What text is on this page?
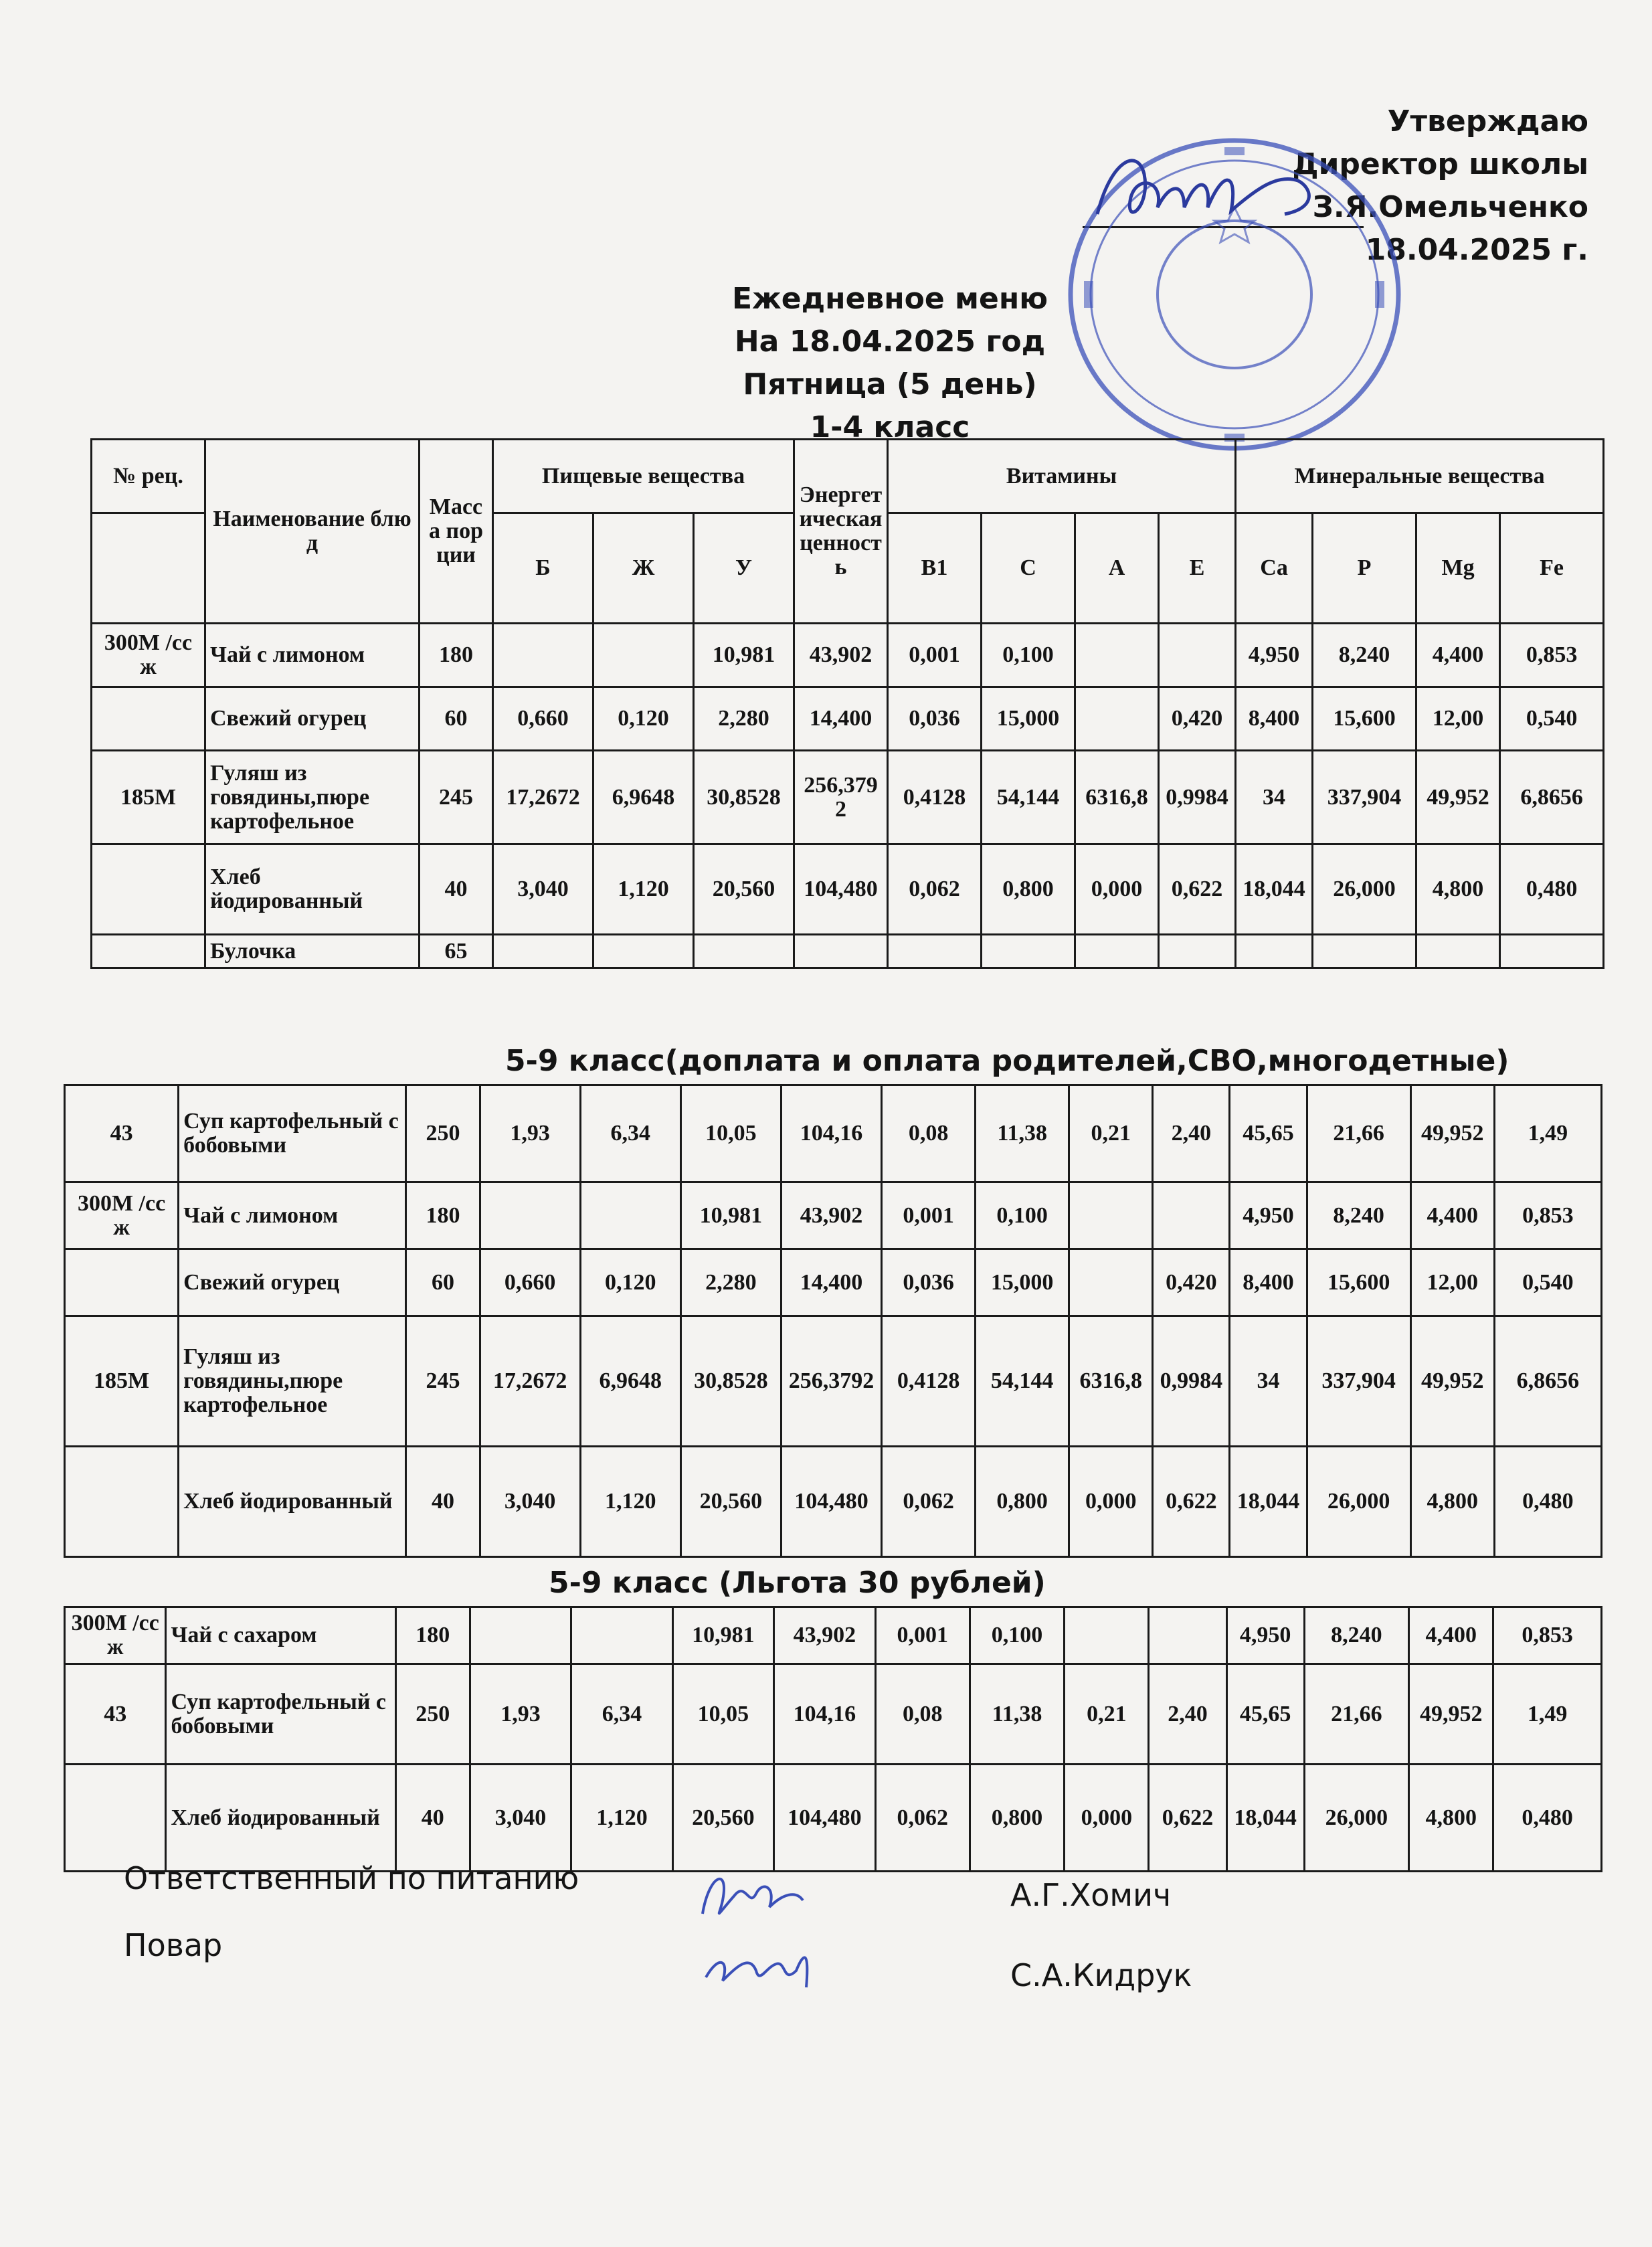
Утверждаю
Директор школы
З.Я.Омельченко
18.04.2025 г.
Ежедневное меню
На 18.04.2025 год
Пятница (5 день)
1-4 класс
№ рец.	Наименование блюд	Масса порции	Пищевые вещества			Энергетическая ценность	Витамины				Минеральные вещества			
			Б	Ж	У		B1	C	A	E	Ca	P	Mg	Fe
300М /ссж	Чай с лимоном	180			10,981	43,902	0,001	0,100			4,950	8,240	4,400	0,853
	Свежий огурец	60	0,660	0,120	2,280	14,400	0,036	15,000		0,420	8,400	15,600	12,00	0,540
185М	Гуляш из говядины,пюре картофельное	245	17,2672	6,9648	30,8528	256,3792	0,4128	54,144	6316,8	0,9984	34	337,904	49,952	6,8656
	Хлеб йодированный	40	3,040	1,120	20,560	104,480	0,062	0,800	0,000	0,622	18,044	26,000	4,800	0,480
	Булочка	65												
5-9 класс(доплата и оплата родителей,СВО,многодетные)
43	Суп картофельный с бобовыми	250	1,93	6,34	10,05	104,16	0,08	11,38	0,21	2,40	45,65	21,66	49,952	1,49
300М /ссж	Чай с лимоном	180			10,981	43,902	0,001	0,100			4,950	8,240	4,400	0,853
	Свежий огурец	60	0,660	0,120	2,280	14,400	0,036	15,000		0,420	8,400	15,600	12,00	0,540
185М	Гуляш из говядины,пюре картофельное	245	17,2672	6,9648	30,8528	256,3792	0,4128	54,144	6316,8	0,9984	34	337,904	49,952	6,8656
	Хлеб йодированный	40	3,040	1,120	20,560	104,480	0,062	0,800	0,000	0,622	18,044	26,000	4,800	0,480
5-9 класс (Льгота 30 рублей)
300М /ссж	Чай с сахаром	180			10,981	43,902	0,001	0,100			4,950	8,240	4,400	0,853
43	Суп картофельный с бобовыми	250	1,93	6,34	10,05	104,16	0,08	11,38	0,21	2,40	45,65	21,66	49,952	1,49
	Хлеб йодированный	40	3,040	1,120	20,560	104,480	0,062	0,800	0,000	0,622	18,044	26,000	4,800	0,480
Ответственный по питанию	А.Г.Хомич
Повар
С.А.Кидрук
